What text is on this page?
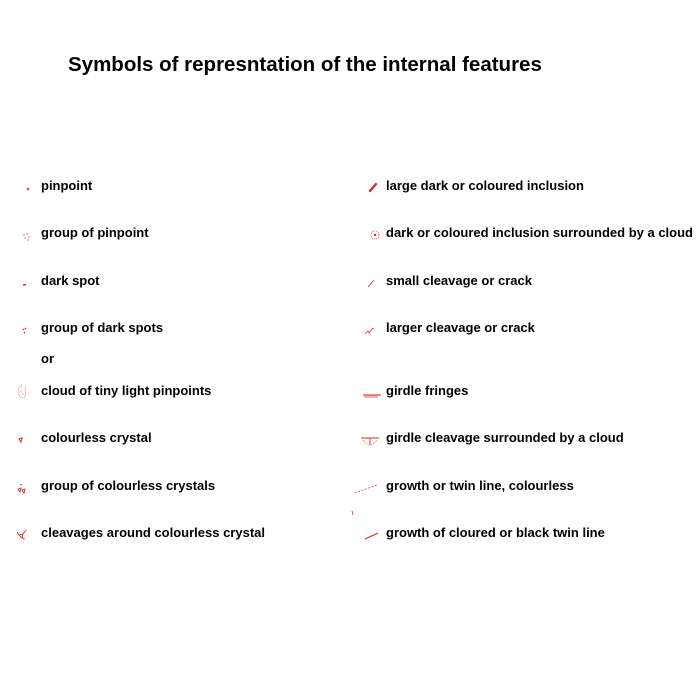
Symbols of represntation of the internal features
pinpoint
group of pinpoint
dark spot
group of dark spots
or
cloud of tiny light pinpoints
colourless crystal
group of colourless crystals
cleavages around colourless crystal
large dark or coloured inclusion
dark or coloured inclusion surrounded by a cloud
small cleavage or crack
larger cleavage or crack
girdle fringes
girdle cleavage surrounded by a cloud
growth or twin line, colourless
growth of cloured or black twin line
